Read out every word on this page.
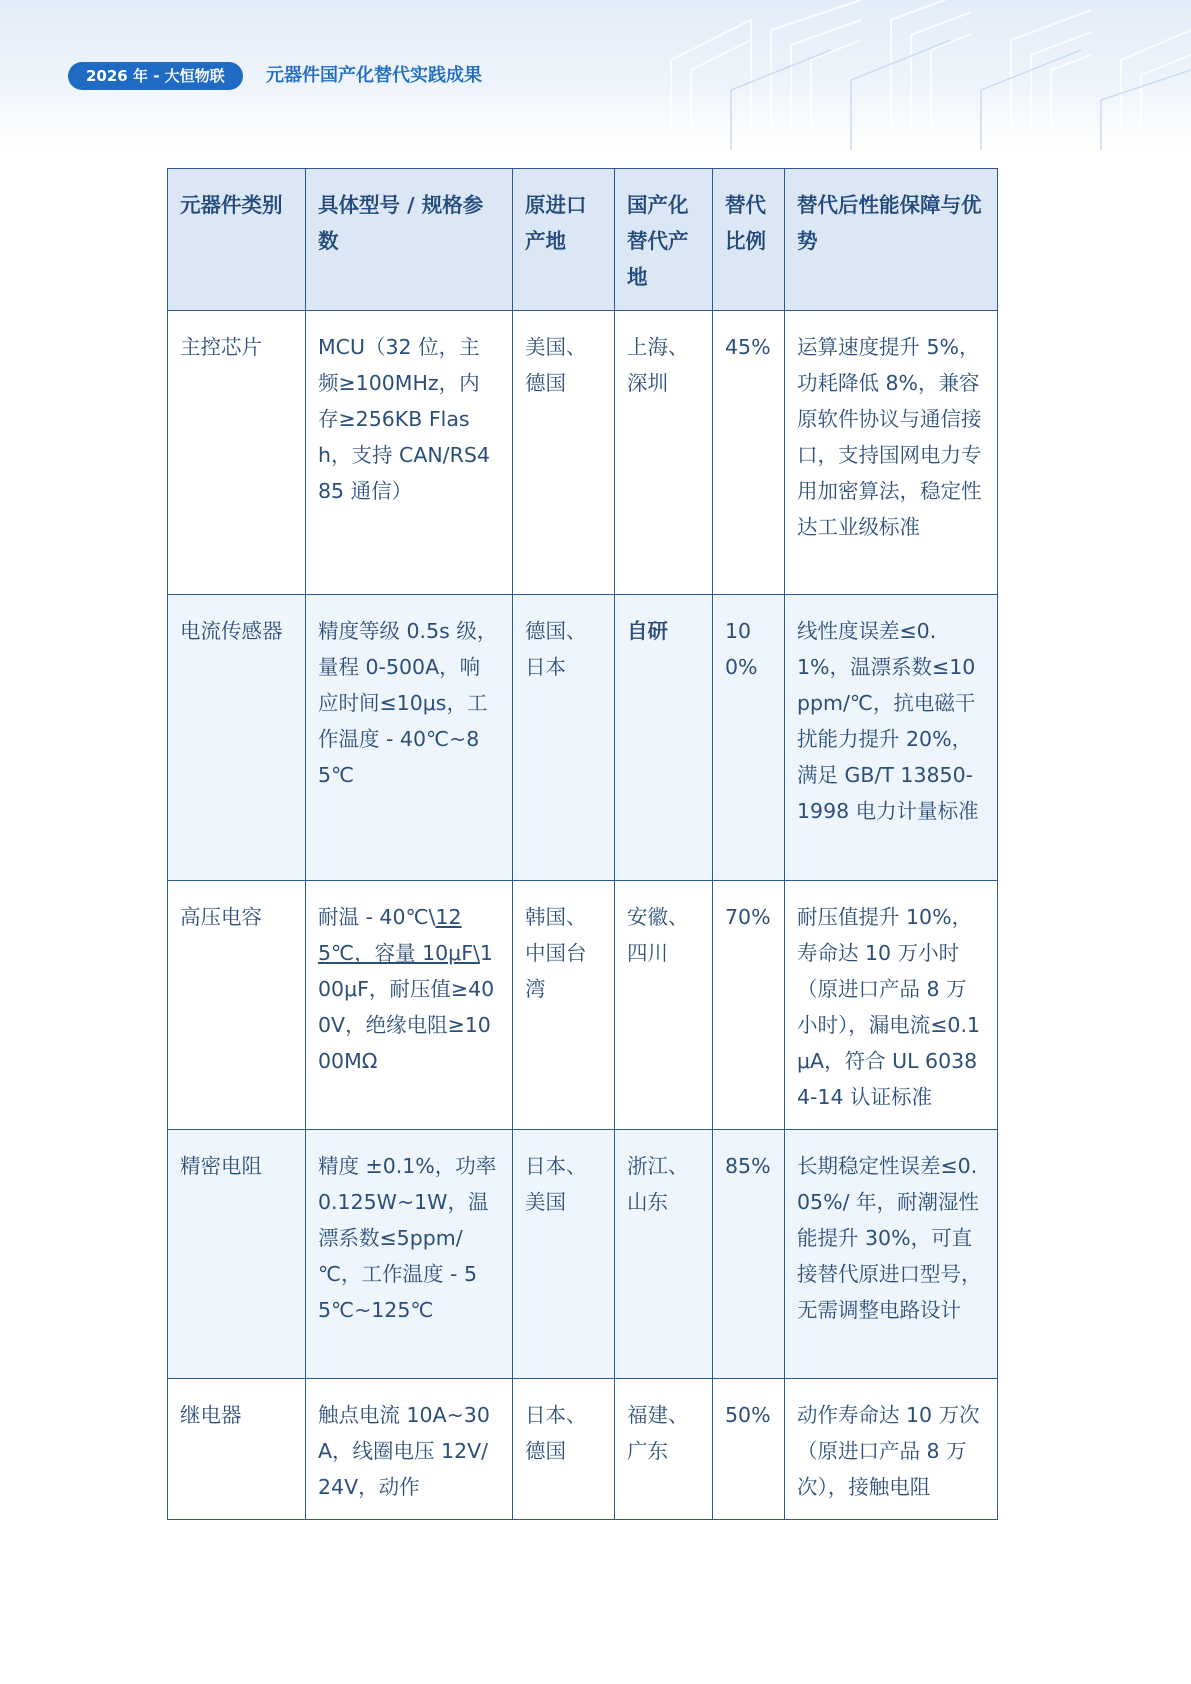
2026 年 - 大恒物联	元器件国产化替代实践成果
元器件类别	具体型号 / 规格参数	原进口产地	国产化替代产地	替代比例	替代后性能保障与优势
主控芯片	MCU（32 位，主频≥100MHz，内存≥256KB Flash，支持 CAN/RS485 通信）	美国、德国	上海、深圳	45%	运算速度提升 5%，功耗降低 8%，兼容原软件协议与通信接口，支持国网电力专用加密算法，稳定性达工业级标准
电流传感器	精度等级 0.5s 级，量程 0-500A，响应时间≤10μs，工作温度 - 40℃~85℃	德国、日本	自研	100%	线性度误差≤0.1%，温漂系数≤10ppm/℃，抗电磁干扰能力提升 20%，满足 GB/T 13850-1998 电力计量标准
高压电容	耐温 - 40℃\125℃，容量 10μF\100μF，耐压值≥400V，绝缘电阻≥1000MΩ	韩国、中国台湾	安徽、四川	70%	耐压值提升 10%，寿命达 10 万小时（原进口产品 8 万小时），漏电流≤0.1μA，符合 UL 60384-14 认证标准
精密电阻	精度 ±0.1%，功率 0.125W~1W，温漂系数≤5ppm/℃，工作温度 - 55℃~125℃	日本、美国	浙江、山东	85%	长期稳定性误差≤0.05%/ 年，耐潮湿性能提升 30%，可直接替代原进口型号，无需调整电路设计
继电器	触点电流 10A~30A，线圈电压 12V/24V，动作	日本、德国	福建、广东	50%	动作寿命达 10 万次（原进口产品 8 万次），接触电阻
